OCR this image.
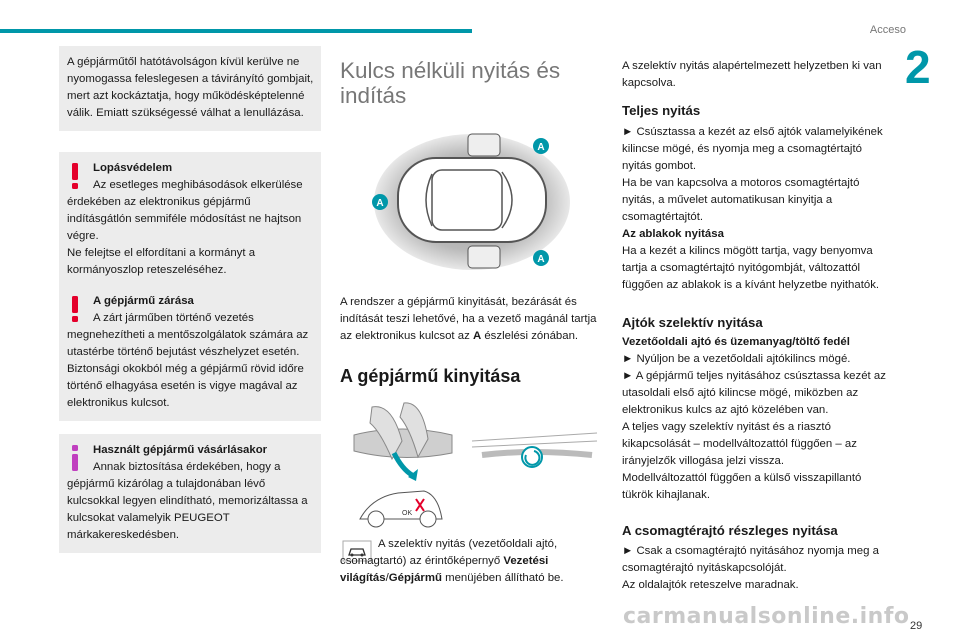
Acceso
2
29

A gépjárműtől hatótávolságon kívül kerülve ne nyomogassa feleslegesen a távirányító gombjait, mert azt kockáztatja, hogy működésképtelenné válik. Emiatt szükségessé válhat a lenullázása.

Lopásvédelem

Az esetleges meghibásodások elkerülése érdekében az elektronikus gépjármű indításgátlón semmiféle módosítást ne hajtson végre.

Ne felejtse el elfordítani a kormányt a kormányoszlop reteszeléséhez.

A gépjármű zárása

A zárt járműben történő vezetés megnehezítheti a mentőszolgálatok számára az utastérbe történő bejutást vészhelyzet esetén.

Biztonsági okokból még a gépjármű rövid időre történő elhagyása esetén is vigye magával az elektronikus kulcsot.

Használt gépjármű vásárlásakor

Annak biztosítása érdekében, hogy a gépjármű kizárólag a tulajdonában lévő kulcsokkal legyen elindítható, memorizáltassa a kulcsokat valamelyik PEUGEOT márkakereskedésben.

Kulcs nélküli nyitás és indítás
A
A
A

A rendszer a gépjármű kinyitását, bezárását és indítását teszi lehetővé, ha a vezető magánál tartja az elektronikus kulcsot az A észlelési zónában.

A gépjármű kinyitása
OK

A szelektív nyitás (vezetőoldali ajtó, csomagtartó) az érintőképernyő Vezetési világítás/Gépjármű menüjében állítható be.

A szelektív nyitás alapértelmezett helyzetben ki van kapcsolva.

Teljes nyitás

► Csúsztassa a kezét az első ajtók valamelyikének kilincse mögé, és nyomja meg a csomagtértajtó nyitás gombot.

Ha be van kapcsolva a motoros csomagtértajtó nyitás, a művelet automatikusan kinyitja a csomagtértajtót.

Az ablakok nyitása

Ha a kezét a kilincs mögött tartja, vagy benyomva tartja a csomagtértajtó nyitógombját, változattól függően az ablakok is a kívánt helyzetbe nyithatók.

Ajtók szelektív nyitása

Vezetőoldali ajtó és üzemanyag/töltő fedél

► Nyúljon be a vezetőoldali ajtókilincs mögé.

► A gépjármű teljes nyitásához csúsztassa kezét az utasoldali első ajtó kilincse mögé, miközben az elektronikus kulcs az ajtó közelében van.

A teljes vagy szelektív nyitást és a riasztó kikapcsolását – modellváltozattól függően – az irányjelzők villogása jelzi vissza.

Modellváltozattól függően a külső visszapillantó tükrök kihajlanak.

A csomagtérajtó részleges nyitása

► Csak a csomagtérajtó nyitásához nyomja meg a csomagtérajtó nyitáskapcsolóját.

Az oldalajtók reteszelve maradnak.

carmanualsonline.info
